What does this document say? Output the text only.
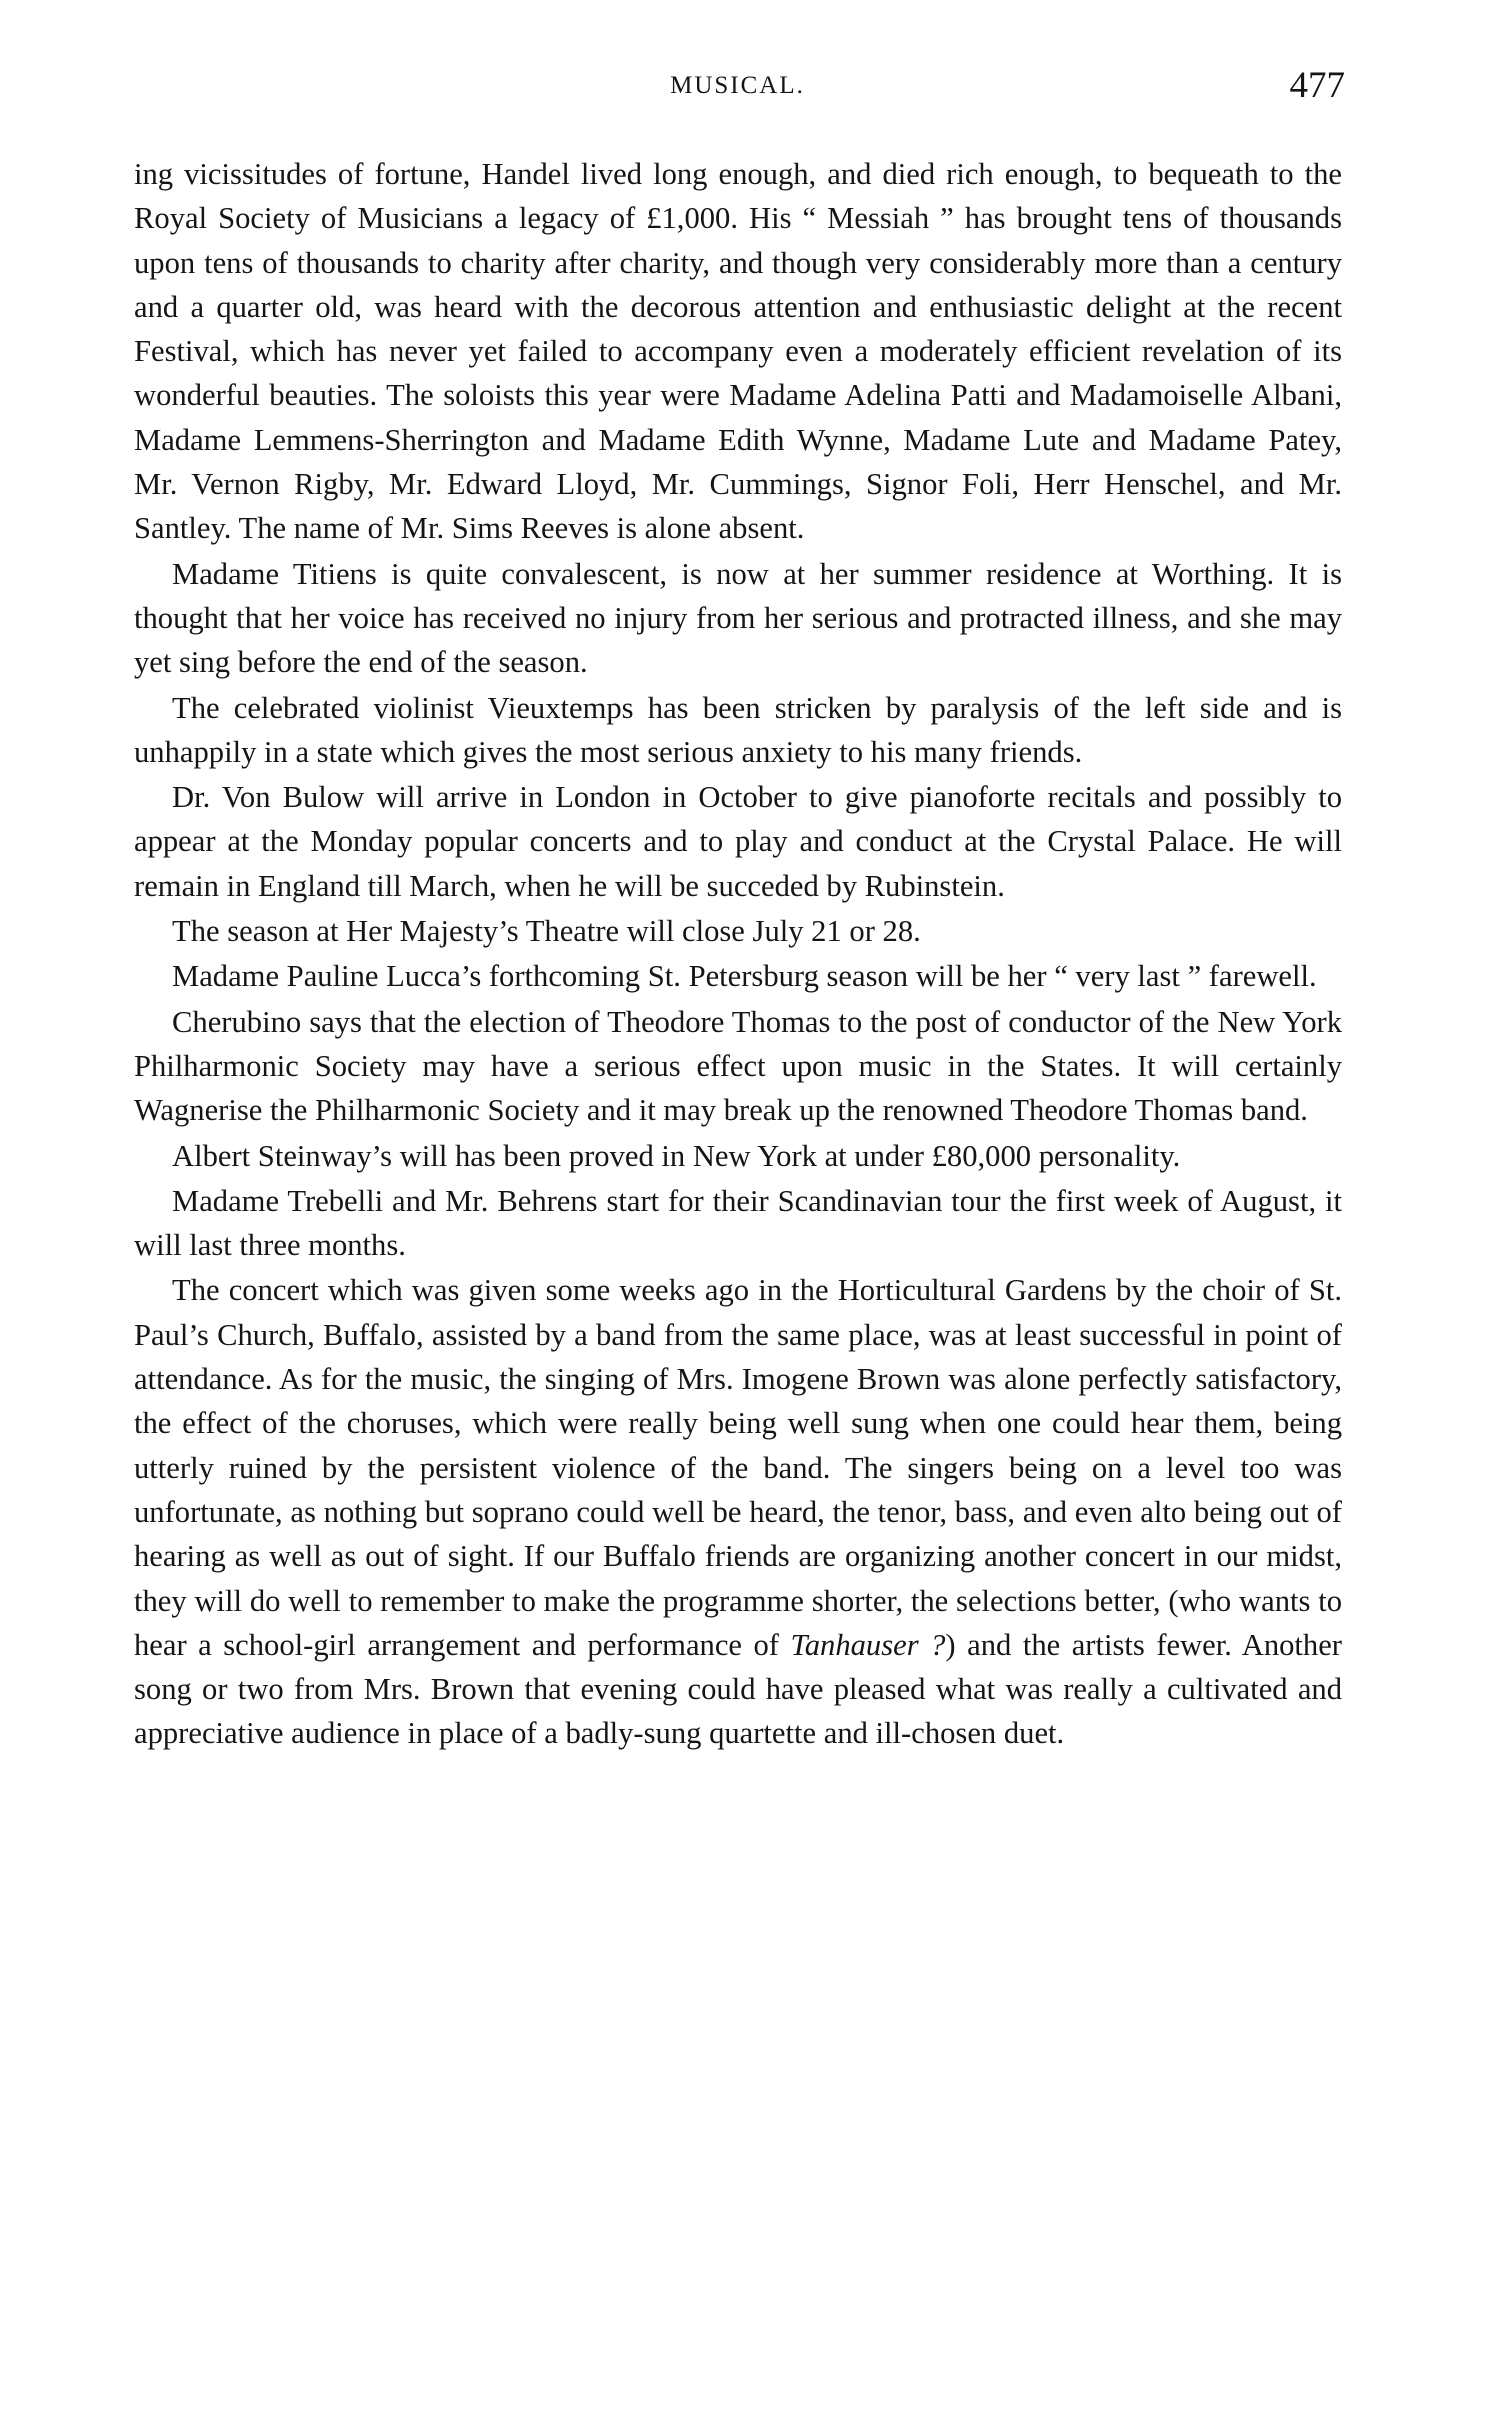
MUSICAL.	477

ing vicissitudes of fortune, Handel lived long enough, and died rich enough, to bequeath to the Royal Society of Musicians a legacy of £1,000. His “ Messiah ” has brought tens of thousands upon tens of thousands to charity after charity, and though very considerably more than a century and a quarter old, was heard with the decorous attention and enthusiastic delight at the recent Festival, which has never yet failed to accompany even a moderately efficient revelation of its wonderful beauties. The soloists this year were Madame Adelina Patti and Madamoiselle Albani, Madame Lemmens-Sherrington and Madame Edith Wynne, Madame Lute and Madame Patey, Mr. Vernon Rigby, Mr. Edward Lloyd, Mr. Cummings, Signor Foli, Herr Henschel, and Mr. Santley. The name of Mr. Sims Reeves is alone absent.

Madame Titiens is quite convalescent, is now at her summer residence at Worthing. It is thought that her voice has received no injury from her serious and protracted illness, and she may yet sing before the end of the season.

The celebrated violinist Vieuxtemps has been stricken by paralysis of the left side and is unhappily in a state which gives the most serious anxiety to his many friends.

Dr. Von Bulow will arrive in London in October to give pianoforte recitals and possibly to appear at the Monday popular concerts and to play and conduct at the Crystal Palace. He will remain in England till March, when he will be succeded by Rubinstein.

The season at Her Majesty’s Theatre will close July 21 or 28.

Madame Pauline Lucca’s forthcoming St. Petersburg season will be her “ very last ” farewell.

Cherubino says that the election of Theodore Thomas to the post of conductor of the New York Philharmonic Society may have a serious effect upon music in the States. It will certainly Wagnerise the Philharmonic Society and it may break up the renowned Theodore Thomas band.

Albert Steinway’s will has been proved in New York at under £80,000 personality.

Madame Trebelli and Mr. Behrens start for their Scandinavian tour the first week of August, it will last three months.

The concert which was given some weeks ago in the Horticultural Gardens by the choir of St. Paul’s Church, Buffalo, assisted by a band from the same place, was at least successful in point of attendance. As for the music, the singing of Mrs. Imogene Brown was alone perfectly satisfactory, the effect of the choruses, which were really being well sung when one could hear them, being utterly ruined by the persistent violence of the band. The singers being on a level too was unfortunate, as nothing but soprano could well be heard, the tenor, bass, and even alto being out of hearing as well as out of sight. If our Buffalo friends are organizing another concert in our midst, they will do well to remember to make the programme shorter, the selections better, (who wants to hear a school-girl arrangement and performance of Tanhauser ?) and the artists fewer. Another song or two from Mrs. Brown that evening could have pleased what was really a cultivated and appreciative audience in place of a badly-sung quartette and ill-chosen duet.
